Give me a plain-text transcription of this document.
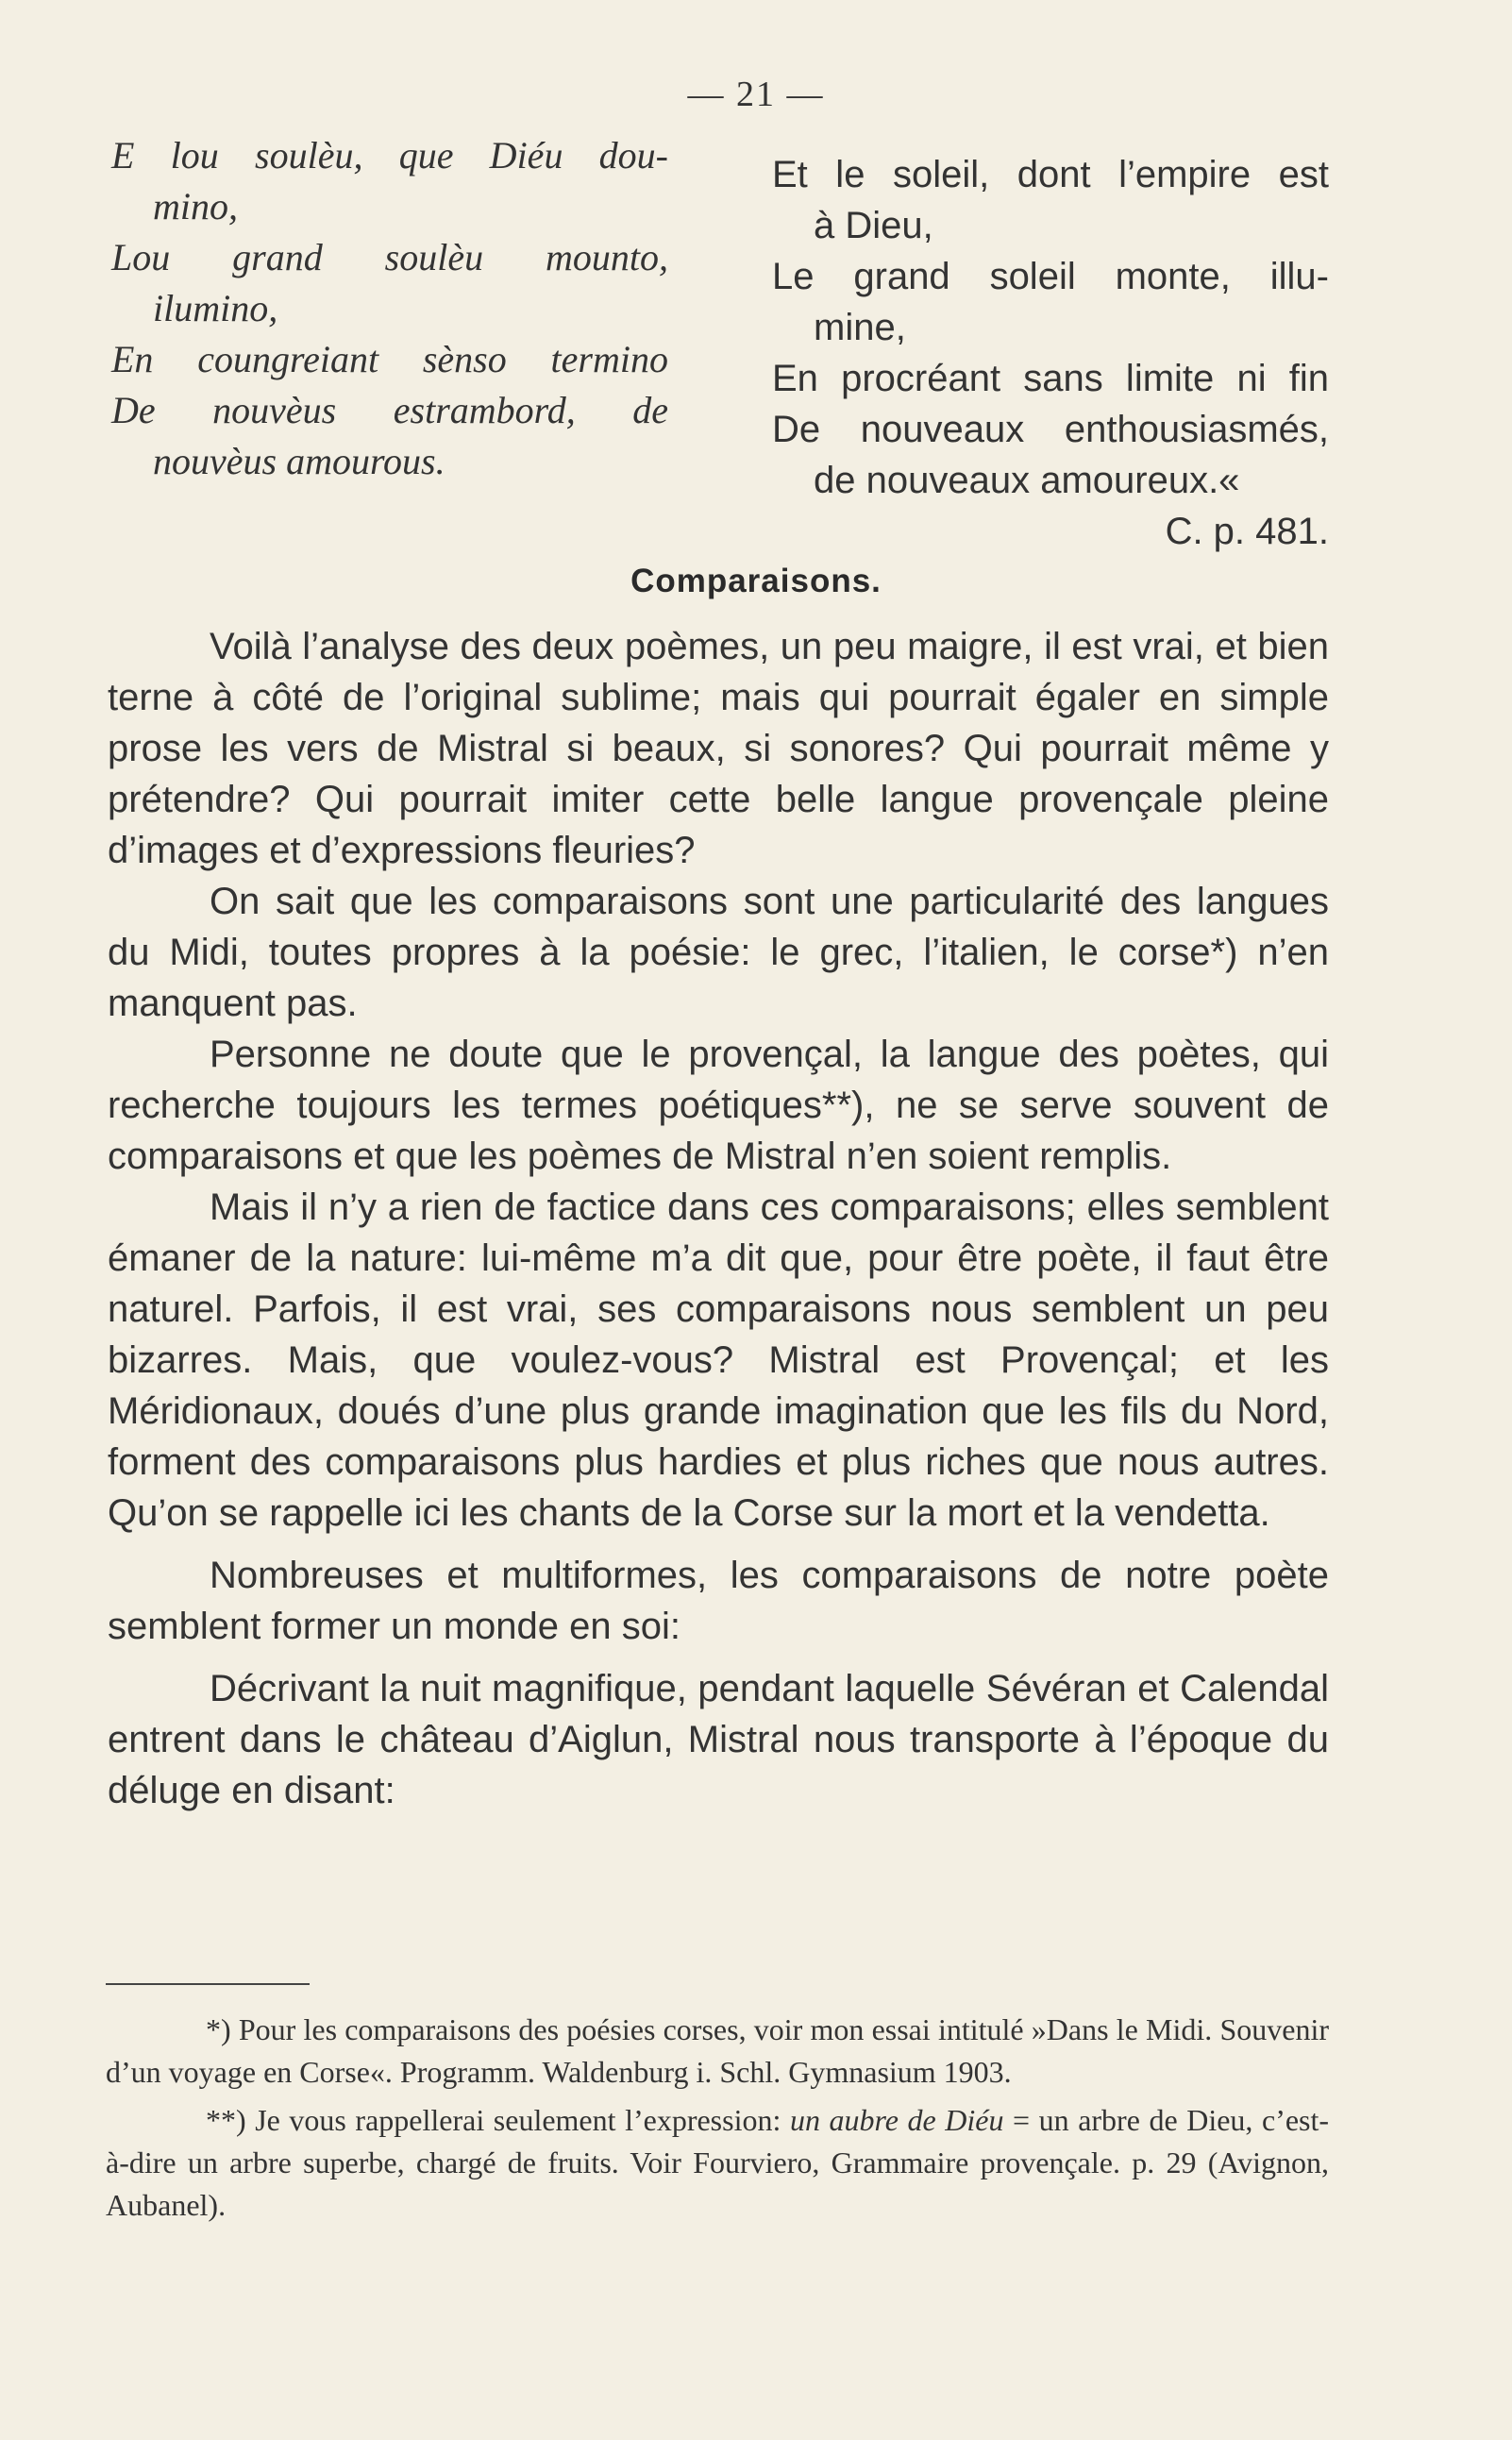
— 21 —
E lou soulèu, que Diéu dou-
mino,
Lou grand soulèu mounto,
ilumino,
En coungreiant sènso termino
De nouvèus estrambord, de
nouvèus amourous.
Et le soleil, dont l’empire est
à Dieu,
Le grand soleil monte, illu-
mine,
En procréant sans limite ni fin
De nouveaux enthousiasmés,
de nouveaux amoureux.«
C. p. 481.
Comparaisons.

Voilà l’analyse des deux poèmes, un peu maigre, il est vrai, et bien terne à côté de l’original sublime; mais qui pourrait égaler en simple prose les vers de Mistral si beaux, si sonores? Qui pourrait même y prétendre? Qui pourrait imiter cette belle langue provençale pleine d’images et d’expressions fleuries?

On sait que les comparaisons sont une particularité des langues du Midi, toutes propres à la poésie: le grec, l’italien, le corse*) n’en manquent pas.

Personne ne doute que le provençal, la langue des poètes, qui recherche toujours les termes poétiques**), ne se serve souvent de comparaisons et que les poèmes de Mistral n’en soient remplis.

Mais il n’y a rien de factice dans ces comparaisons; elles semblent émaner de la nature: lui-même m’a dit que, pour être poète, il faut être naturel. Parfois, il est vrai, ses comparaisons nous semblent un peu bizarres. Mais, que voulez-vous? Mistral est Provençal; et les Méridionaux, doués d’une plus grande imagination que les fils du Nord, forment des comparaisons plus hardies et plus riches que nous autres. Qu’on se rappelle ici les chants de la Corse sur la mort et la vendetta.

Nombreuses et multiformes, les comparaisons de notre poète semblent former un monde en soi:

Décrivant la nuit magnifique, pendant laquelle Sévéran et Calendal entrent dans le château d’Aiglun, Mistral nous transporte à l’époque du déluge en disant:

*) Pour les comparaisons des poésies corses, voir mon essai intitulé »Dans le Midi. Souvenir d’un voyage en Corse«. Programm. Waldenburg i. Schl. Gymnasium 1903.

**) Je vous rappellerai seulement l’expression: un aubre de Diéu = un arbre de Dieu, c’est-à-dire un arbre superbe, chargé de fruits. Voir Fourviero, Grammaire provençale. p. 29 (Avignon, Aubanel).
